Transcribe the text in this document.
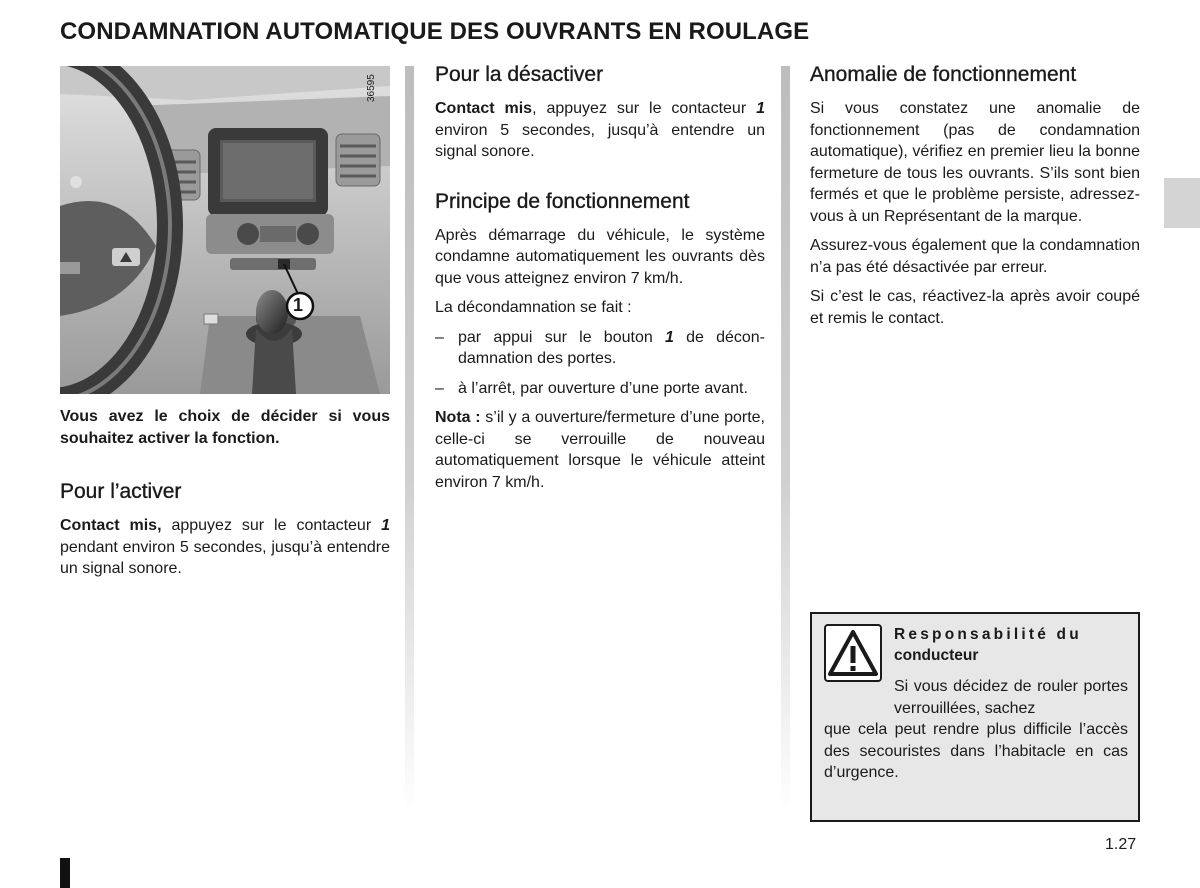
CONDAMNATION AUTOMATIQUE DES OUVRANTS EN ROULAGE
1
36595

Vous avez le choix de décider si vous souhaitez activer la fonction.

Pour l’activer

Contact mis, appuyez sur le contacteur 1 pendant environ 5 secondes, jusqu’à entendre un signal sonore.

Pour la désactiver

Contact mis, appuyez sur le contacteur 1 environ 5 secondes, jusqu’à entendre un signal sonore.

Principe de fonctionnement

Après démarrage du véhicule, le système condamne automatiquement les ouvrants dès que vous atteignez environ 7 km/h.

La décondamnation se fait :

– par appui sur le bouton 1 de décondamnation des portes.
– à l’arrêt, par ouverture d’une porte avant.

Nota : s’il y a ouverture/fermeture d’une porte, celle-ci se verrouille de nouveau automatiquement lorsque le véhicule atteint environ 7 km/h.

Anomalie de fonctionnement

Si vous constatez une anomalie de fonctionnement (pas de condamnation automatique), vérifiez en premier lieu la bonne fermeture de tous les ouvrants. S’ils sont bien fermés et que le problème persiste, adressez-vous à un Représentant de la marque.

Assurez-vous également que la condamnation n’a pas été désactivée par erreur.

Si c’est le cas, réactivez-la après avoir coupé et remis le contact.

Responsabilité du
conducteur
Si vous décidez de rouler portes verrouillées, sachez
que cela peut rendre plus difficile l’accès des secouristes dans l’habitacle en cas d’urgence.
1.27
